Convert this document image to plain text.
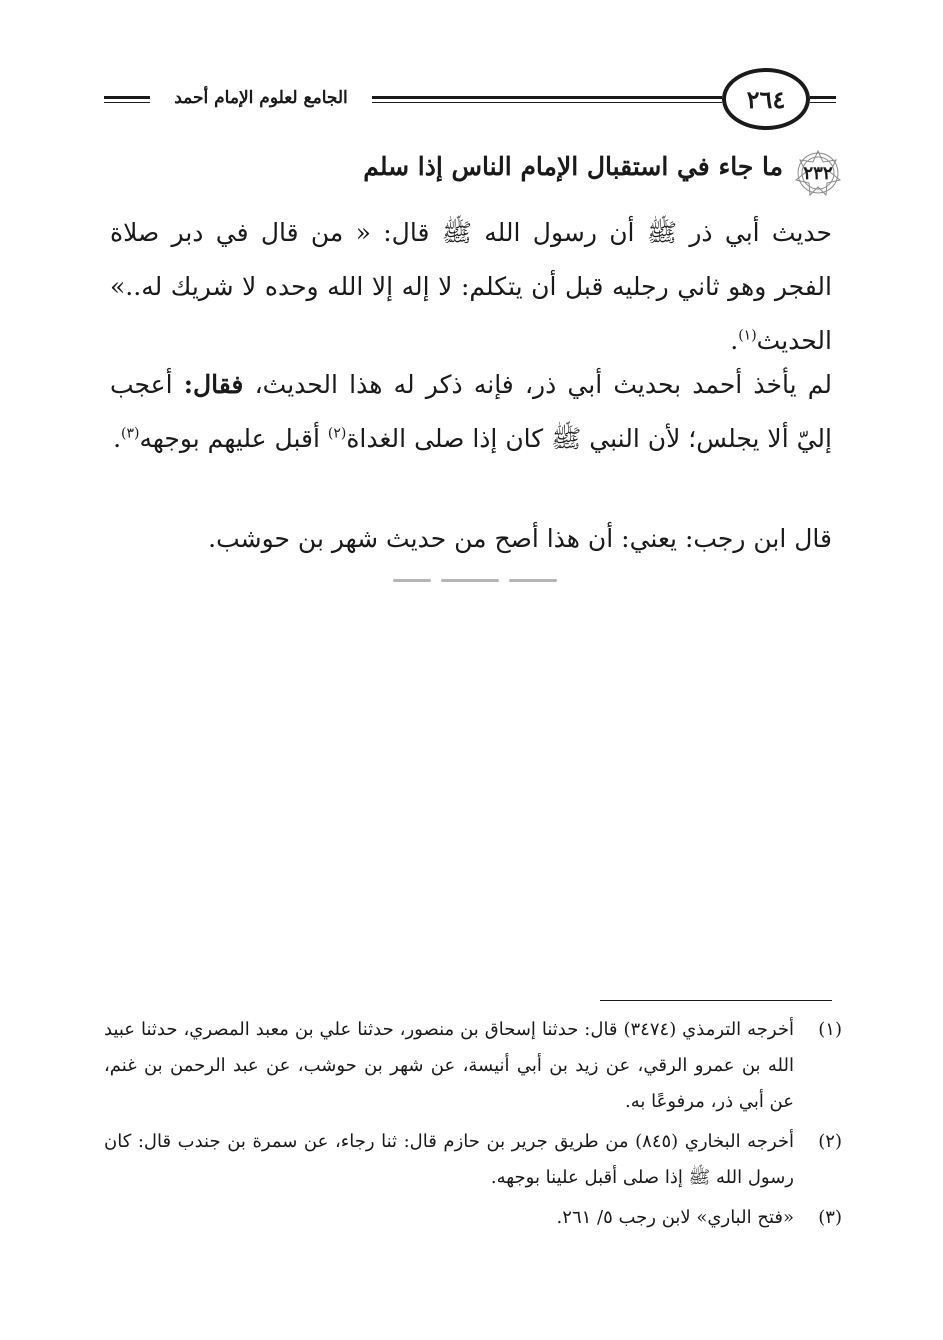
الجامع لعلوم الإمام أحمد	٢٦٤
٢٣٢
ما جاء في استقبال الإمام الناس إذا سلم
حديث أبي ذر ﷺ أن رسول الله ﷺ قال: « من قال في دبر صلاة الفجر وهو ثاني رجليه قبل أن يتكلم: لا إله إلا الله وحده لا شريك له..» الحديث$^{(١)}$.
لم يأخذ أحمد بحديث أبي ذر، فإنه ذكر له هذا الحديث، فقال: أعجب إليّ ألا يجلس؛ لأن النبي ﷺ كان إذا صلى الغداة$^{(٢)}$ أقبل عليهم بوجهه$^{(٣)}$.
قال ابن رجب: يعني: أن هذا أصح من حديث شهر بن حوشب.
(١)
أخرجه الترمذي (٣٤٧٤) قال: حدثنا إسحاق بن منصور، حدثنا علي بن معبد المصري، حدثنا عبيد الله بن عمرو الرقي، عن زيد بن أبي أنيسة، عن شهر بن حوشب، عن عبد الرحمن بن غنم، عن أبي ذر، مرفوعًا به.
(٢)
أخرجه البخاري (٨٤٥) من طريق جرير بن حازم قال: ثنا رجاء، عن سمرة بن جندب قال: كان رسول الله ﷺ إذا صلى أقبل علينا بوجهه.
(٣)
«فتح الباري» لابن رجب ٥/ ٢٦١.
